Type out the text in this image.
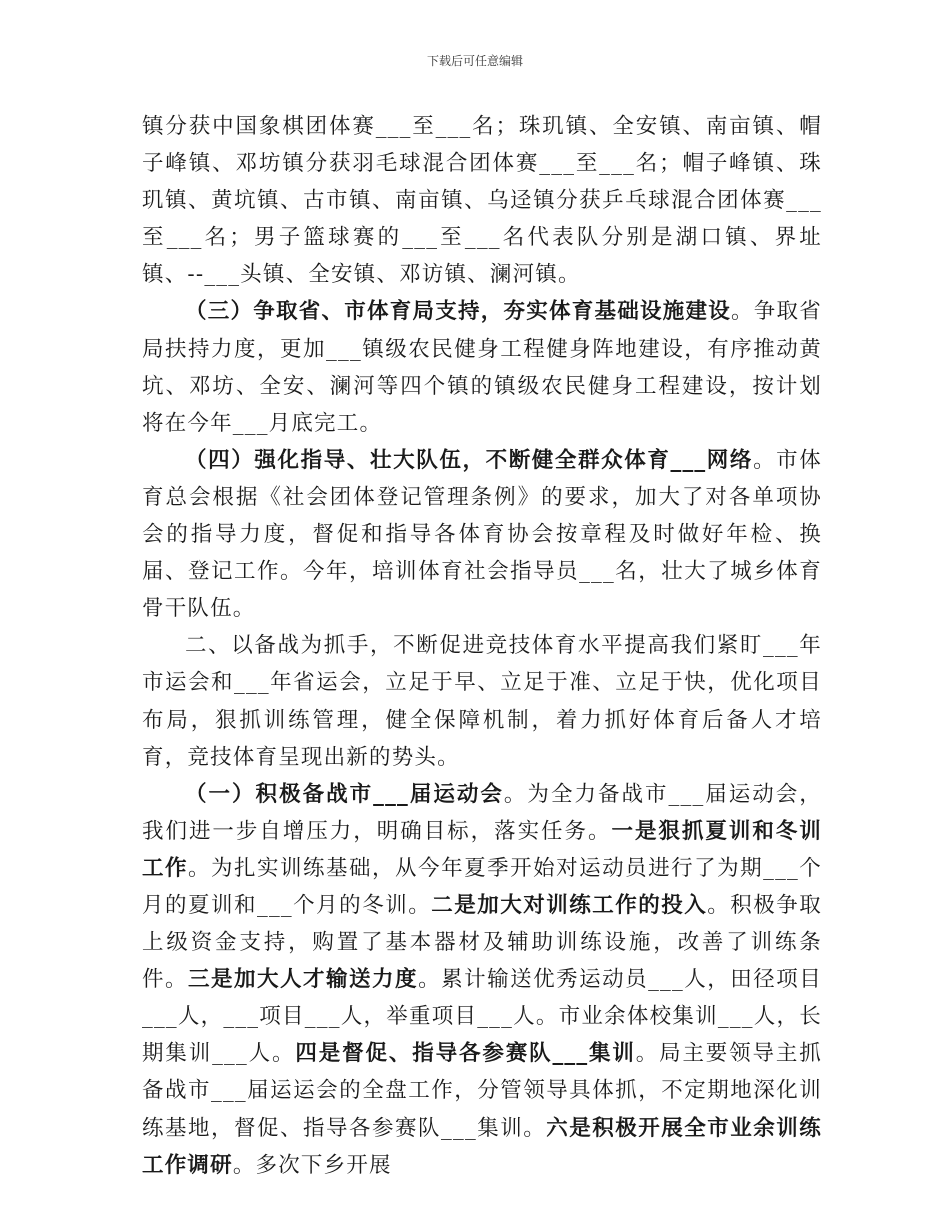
下载后可任意编辑

镇分获中国象棋团体赛___至___名；珠玑镇、全安镇、南亩镇、帽子峰镇、邓坊镇分获羽毛球混合团体赛___至___名；帽子峰镇、珠玑镇、黄坑镇、古市镇、南亩镇、乌迳镇分获乒乓球混合团体赛___至___名；男子篮球赛的___至___名代表队分别是湖口镇、界址镇、--___头镇、全安镇、邓访镇、澜河镇。

（三）争取省、市体育局支持，夯实体育基础设施建设。争取省局扶持力度，更加___镇级农民健身工程健身阵地建设，有序推动黄坑、邓坊、全安、澜河等四个镇的镇级农民健身工程建设，按计划将在今年___月底完工。

（四）强化指导、壮大队伍，不断健全群众体育___网络。市体育总会根据《社会团体登记管理条例》的要求，加大了对各单项协会的指导力度，督促和指导各体育协会按章程及时做好年检、换届、登记工作。今年，培训体育社会指导员___名，壮大了城乡体育骨干队伍。

二、以备战为抓手，不断促进竞技体育水平提高我们紧盯___年市运会和___年省运会，立足于早、立足于准、立足于快，优化项目布局，狠抓训练管理，健全保障机制，着力抓好体育后备人才培育，竞技体育呈现出新的势头。

（一）积极备战市___届运动会。为全力备战市___届运动会，我们进一步自增压力，明确目标，落实任务。一是狠抓夏训和冬训工作。为扎实训练基础，从今年夏季开始对运动员进行了为期___个月的夏训和___个月的冬训。二是加大对训练工作的投入。积极争取上级资金支持，购置了基本器材及辅助训练设施，改善了训练条件。三是加大人才输送力度。累计输送优秀运动员___人，田径项目___人，___项目___人，举重项目___人。市业余体校集训___人，长期集训___人。四是督促、指导各参赛队___集训。局主要领导主抓备战市___届运运会的全盘工作，分管领导具体抓，不定期地深化训练基地，督促、指导各参赛队___集训。六是积极开展全市业余训练工作调研。多次下乡开展
